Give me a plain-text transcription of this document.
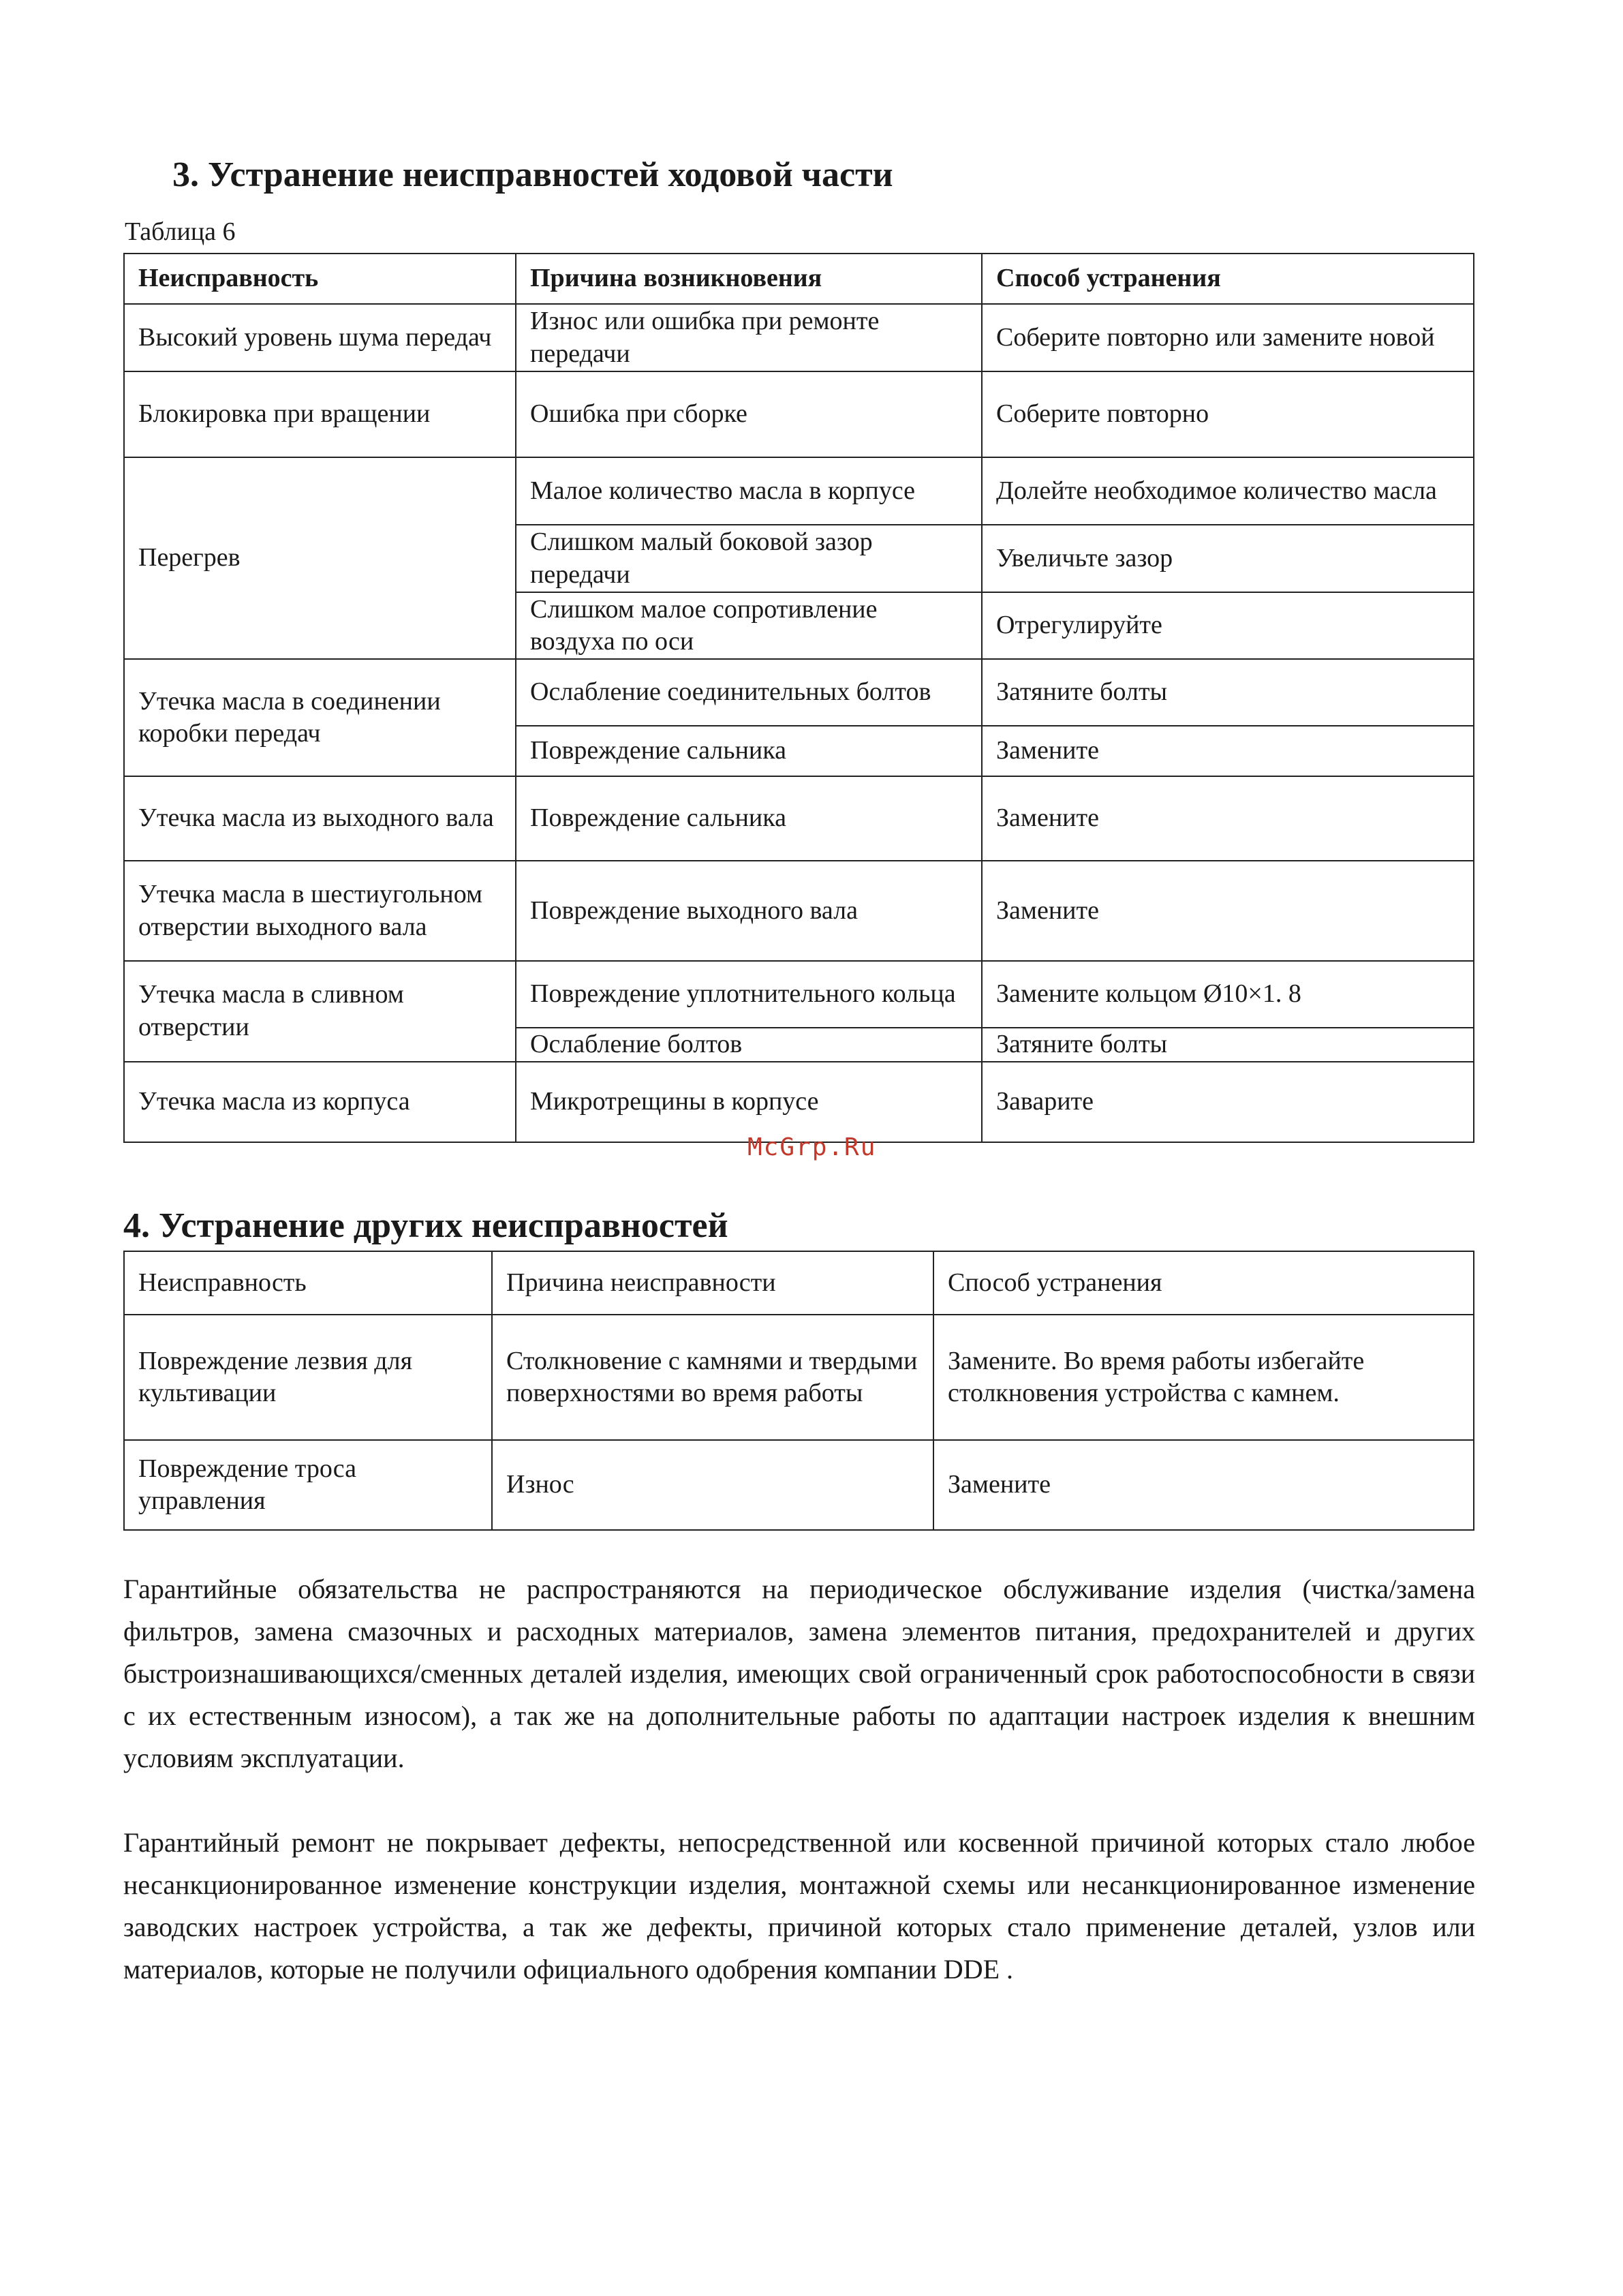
3. Устранение неисправностей ходовой части
Таблица 6
Неисправность	Причина возникновения	Способ устранения
Высокий уровень шума передач	Износ или ошибка при ремонте передачи	Соберите повторно или замените новой
Блокировка при вращении	Ошибка при сборке	Соберите повторно
Перегрев	Малое количество масла в корпусе	Долейте необходимое количество масла
	Слишком малый боковой зазор передачи	Увеличьте зазор
	Слишком малое сопротивление воздуха по оси	Отрегулируйте
Утечка масла в соединении коробки передач	Ослабление соединительных болтов	Затяните болты
	Повреждение сальника	Замените
Утечка масла из выходного вала	Повреждение сальника	Замените
Утечка масла в шестиугольном отверстии выходного вала	Повреждение выходного вала	Замените
Утечка масла в сливном отверстии	Повреждение уплотнительного кольца	Замените кольцом Ø10×1. 8
	Ослабление болтов	Затяните болты
Утечка масла из корпуса	Микротрещины в корпусе	Заварите
McGrp.Ru
4. Устранение других неисправностей
Неисправность	Причина неисправности	Способ устранения
Повреждение лезвия для культивации	Столкновение с камнями и твердыми поверхностями во время работы	Замените. Во время работы избегайте столкновения устройства с камнем.
Повреждение троса управления	Износ	Замените

Гарантийные обязательства не распространяются на периодическое обслуживание изделия (чистка/замена фильтров, замена смазочных и расходных материалов, замена элементов питания, предохранителей и других быстроизнашивающихся/сменных деталей изделия, имеющих свой ограниченный срок работоспособности в связи с их естественным износом), а так же на дополнительные работы по адаптации настроек изделия к внешним условиям эксплуатации.

Гарантийный ремонт не покрывает дефекты, непосредственной или косвенной причиной которых стало любое несанкционированное изменение конструкции изделия, монтажной схемы или несанкционированное изменение заводских настроек устройства, а так же дефекты, причиной которых стало применение деталей, узлов или материалов, которые не получили официального одобрения компании DDE .
